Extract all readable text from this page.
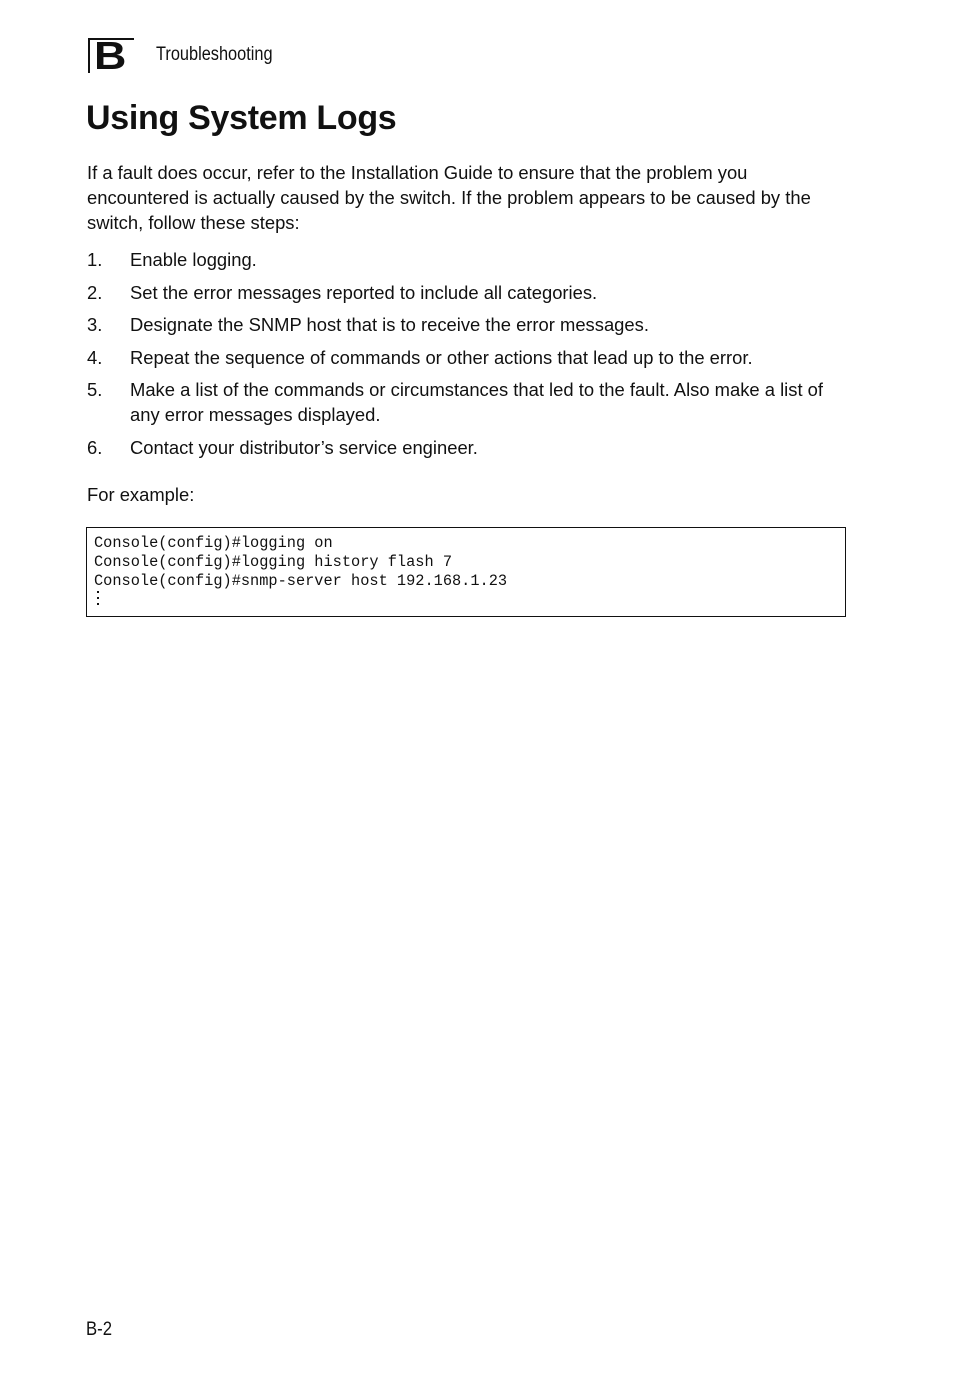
B Troubleshooting
Using System Logs

If a fault does occur, refer to the Installation Guide to ensure that the problem you encountered is actually caused by the switch. If the problem appears to be caused by the switch, follow these steps:

1. Enable logging.
2. Set the error messages reported to include all categories.
3. Designate the SNMP host that is to receive the error messages.
4. Repeat the sequence of commands or other actions that lead up to the error.
5. Make a list of the commands or circumstances that led to the fault. Also make a list of any error messages displayed.
6. Contact your distributor’s service engineer.

For example:

Console(config)#logging on
Console(config)#logging history flash 7
Console(config)#snmp-server host 192.168.1.23
B-2
